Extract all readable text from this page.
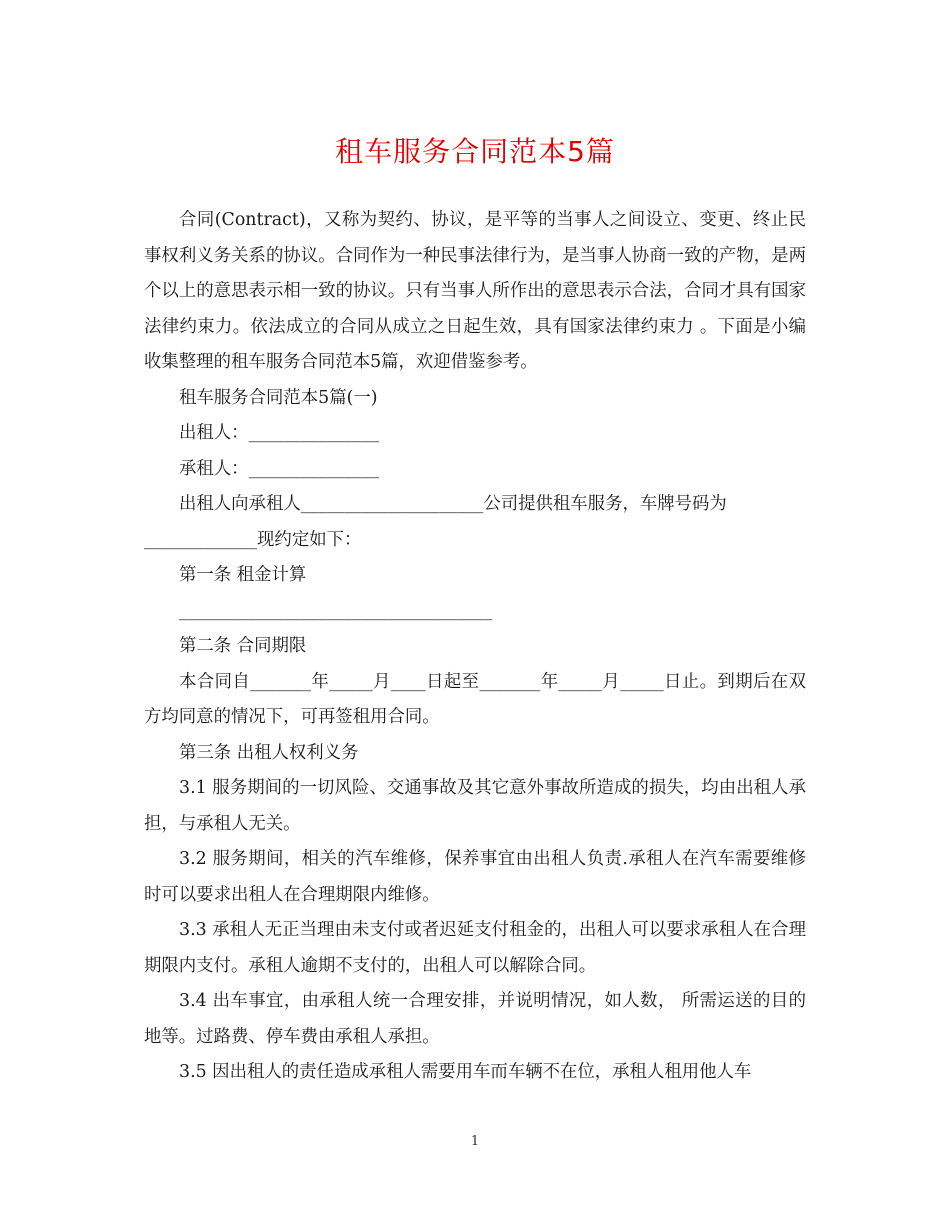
租车服务合同范本5篇

合同(Contract)，又称为契约、协议，是平等的当事人之间设立、变更、终止民事权利义务关系的协议。合同作为一种民事法律行为，是当事人协商一致的产物，是两个以上的意思表示相一致的协议。只有当事人所作出的意思表示合法，合同才具有国家法律约束力。依法成立的合同从成立之日起生效，具有国家法律约束力 。下面是小编收集整理的租车服务合同范本5篇，欢迎借鉴参考。

租车服务合同范本5篇(一)

出租人：_______________

承租人：_______________

出租人向承租人_____________________公司提供租车服务，车牌号码为

_____________现约定如下：

第一条 租金计算

____________________________________

第二条 合同期限

本合同自_______年_____月____日起至_______年_____月_____日止。到期后在双方均同意的情况下，可再签租用合同。

第三条 出租人权利义务

3.1 服务期间的一切风险、交通事故及其它意外事故所造成的损失，均由出租人承担，与承租人无关。

3.2 服务期间，相关的汽车维修，保养事宜由出租人负责.承租人在汽车需要维修时可以要求出租人在合理期限内维修。

3.3 承租人无正当理由未支付或者迟延支付租金的，出租人可以要求承租人在合理期限内支付。承租人逾期不支付的，出租人可以解除合同。

3.4 出车事宜，由承租人统一合理安排，并说明情况，如人数， 所需运送的目的地等。过路费、停车费由承租人承担。

3.5 因出租人的责任造成承租人需要用车而车辆不在位，承租人租用他人车

1
